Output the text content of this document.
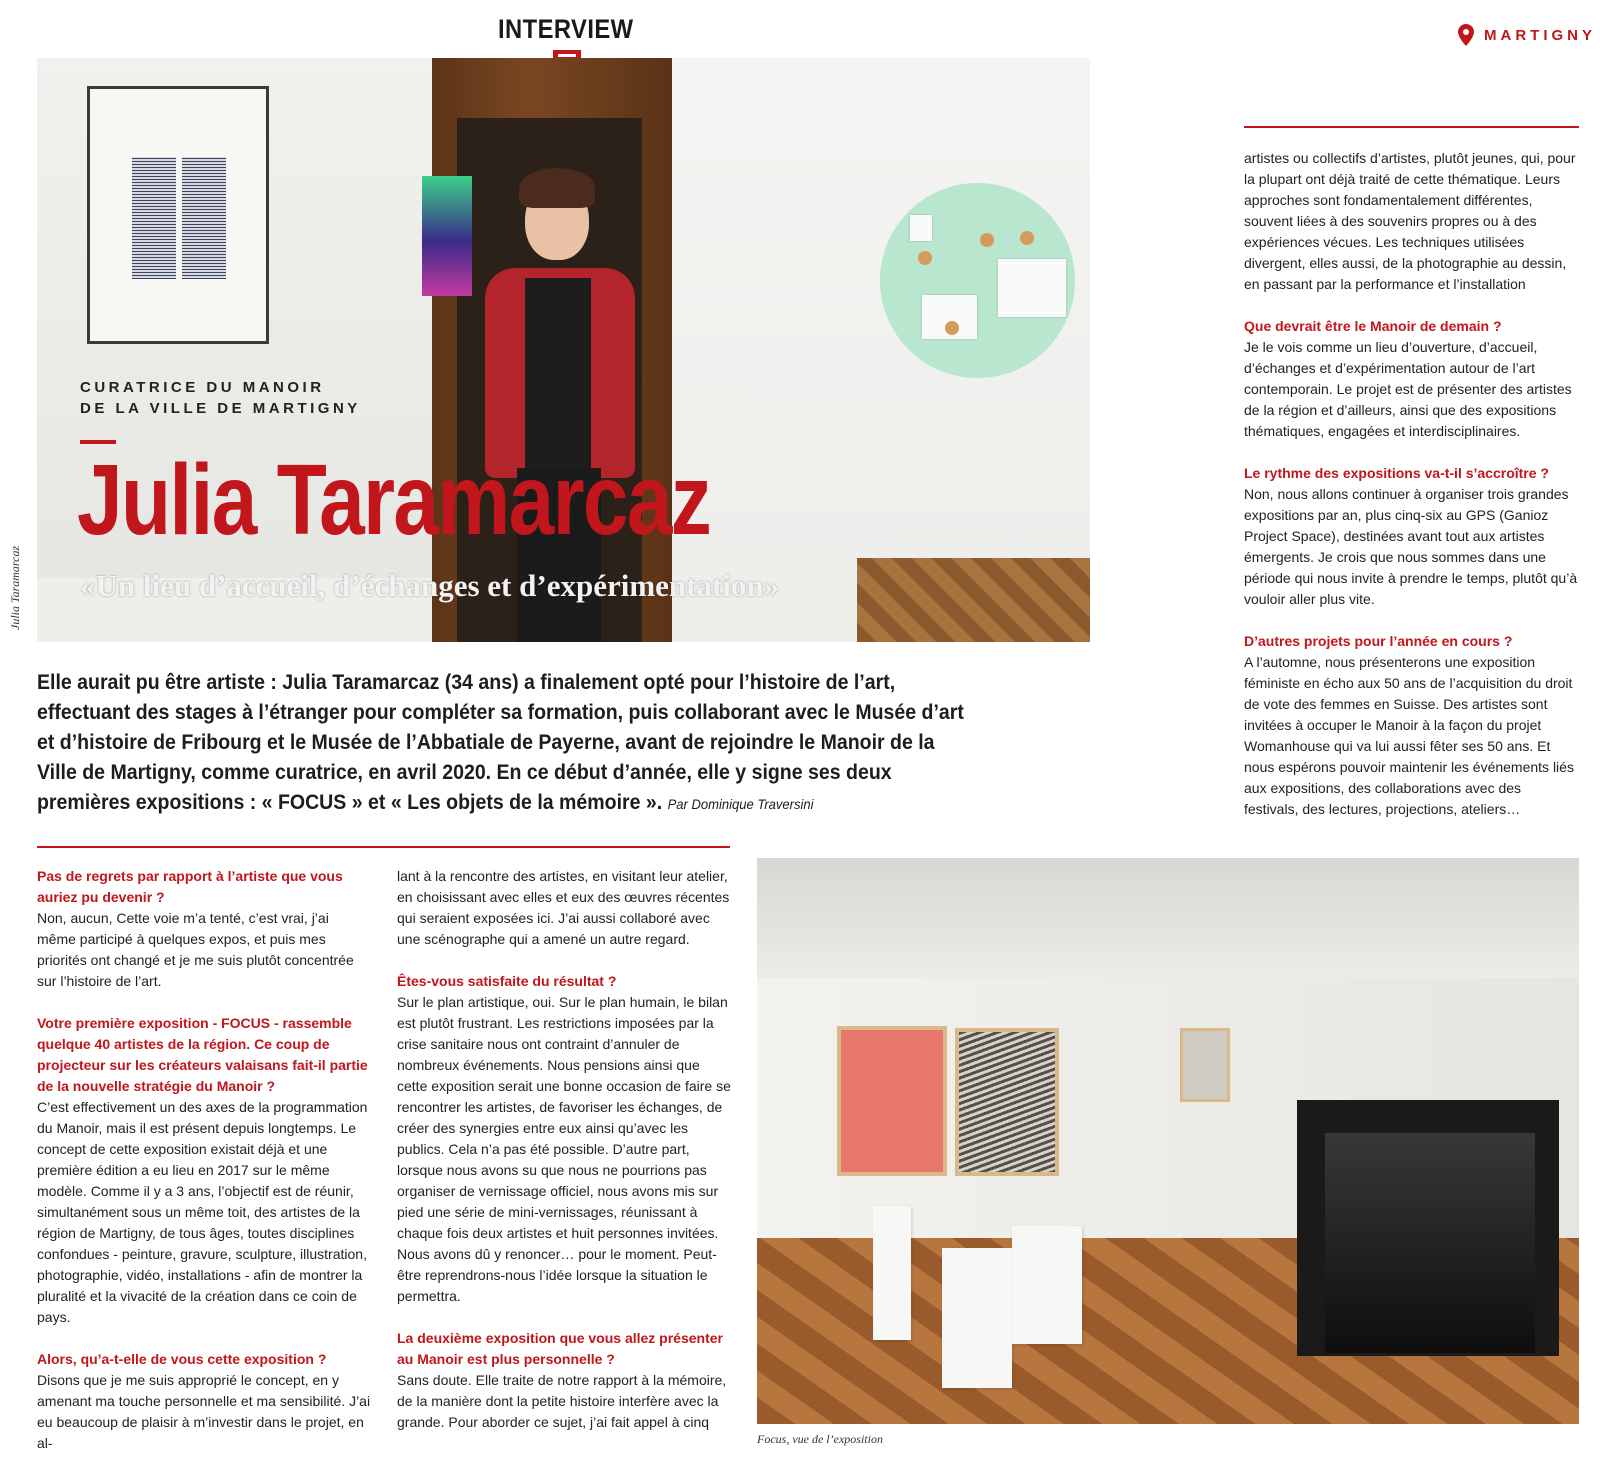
INTERVIEW	MARTIGNY
Julia Taramarcaz
CURATRICE DU MANOIR
DE LA VILLE DE MARTIGNY
Julia Taramarcaz
«Un lieu d’accueil, d’échanges et d’expérimentation»
Elle aurait pu être artiste : Julia Taramarcaz (34 ans) a finalement opté pour l’histoire de l’art, effectuant des stages à l’étranger pour compléter sa formation, puis collaborant avec le Musée d’art et d’histoire de Fribourg et le Musée de l’Abbatiale de Payerne, avant de rejoindre le Manoir de la Ville de Martigny, comme curatrice, en avril 2020. En ce début d’année, elle y signe ses deux premières expositions : « FOCUS » et « Les objets de la mémoire ». Par Dominique Traversini

Pas de regrets par rapport à l’artiste que vous auriez pu devenir ?
Non, aucun, Cette voie m’a tenté, c’est vrai, j’ai même participé à quelques expos, et puis mes priorités ont changé et je me suis plutôt concentrée sur l’histoire de l’art.

Votre première exposition - FOCUS - rassemble quelque 40 artistes de la région. Ce coup de projecteur sur les créateurs valaisans fait-il partie de la nouvelle stratégie du Manoir ?
C’est effectivement un des axes de la programmation du Manoir, mais il est présent depuis longtemps. Le concept de cette exposition existait déjà et une première édition a eu lieu en 2017 sur le même modèle. Comme il y a 3 ans, l’objectif est de réunir, simultanément sous un même toit, des artistes de la région de Martigny, de tous âges, toutes disciplines confondues - peinture, gravure, sculpture, illustration, photographie, vidéo, installations - afin de montrer la pluralité et la vivacité de la création dans ce coin de pays.

Alors, qu’a-t-elle de vous cette exposition ?
Disons que je me suis approprié le concept, en y amenant ma touche personnelle et ma sensibilité. J’ai eu beaucoup de plaisir à m’investir dans le projet, en al-

lant à la rencontre des artistes, en visitant leur atelier, en choisissant avec elles et eux des œuvres récentes qui seraient exposées ici. J’ai aussi collaboré avec une scénographe qui a amené un autre regard.

Êtes-vous satisfaite du résultat ?
Sur le plan artistique, oui. Sur le plan humain, le bilan est plutôt frustrant. Les restrictions imposées par la crise sanitaire nous ont contraint d’annuler de nombreux événements. Nous pensions ainsi que cette exposition serait une bonne occasion de faire se rencontrer les artistes, de favoriser les échanges, de créer des synergies entre eux ainsi qu’avec les publics. Cela n’a pas été possible. D’autre part, lorsque nous avons su que nous ne pourrions pas organiser de vernissage officiel, nous avons mis sur pied une série de mini-vernissages, réunissant à chaque fois deux artistes et huit personnes invitées. Nous avons dû y renoncer… pour le moment. Peut-être reprendrons-nous l’idée lorsque la situation le permettra.

La deuxième exposition que vous allez présenter au Manoir est plus personnelle ?
Sans doute. Elle traite de notre rapport à la mémoire, de la manière dont la petite histoire interfère avec la grande. Pour aborder ce sujet, j’ai fait appel à cinq

artistes ou collectifs d’artistes, plutôt jeunes, qui, pour la plupart ont déjà traité de cette thématique. Leurs approches sont fondamentalement différentes, souvent liées à des souvenirs propres ou à des expériences vécues. Les techniques utilisées divergent, elles aussi, de la photographie au dessin, en passant par la performance et l’installation

Que devrait être le Manoir de demain ?
Je le vois comme un lieu d’ouverture, d’accueil, d’échanges et d’expérimentation autour de l’art contemporain. Le projet est de présenter des artistes de la région et d’ailleurs, ainsi que des expositions thématiques, engagées et interdisciplinaires.

Le rythme des expositions va-t-il s’accroître ?
Non, nous allons continuer à organiser trois grandes expositions par an, plus cinq-six au GPS (Ganioz Project Space), destinées avant tout aux artistes émergents. Je crois que nous sommes dans une période qui nous invite à prendre le temps, plutôt qu’à vouloir aller plus vite.

D’autres projets pour l’année en cours ?
A l’automne, nous présenterons une exposition féministe en écho aux 50 ans de l’acquisition du droit de vote des femmes en Suisse. Des artistes sont invitées à occuper le Manoir à la façon du projet Womanhouse qui va lui aussi fêter ses 50 ans. Et nous espérons pouvoir maintenir les événements liés aux expositions, des collaborations avec des festivals, des lectures, projections, ateliers…

Focus, vue de l’exposition
